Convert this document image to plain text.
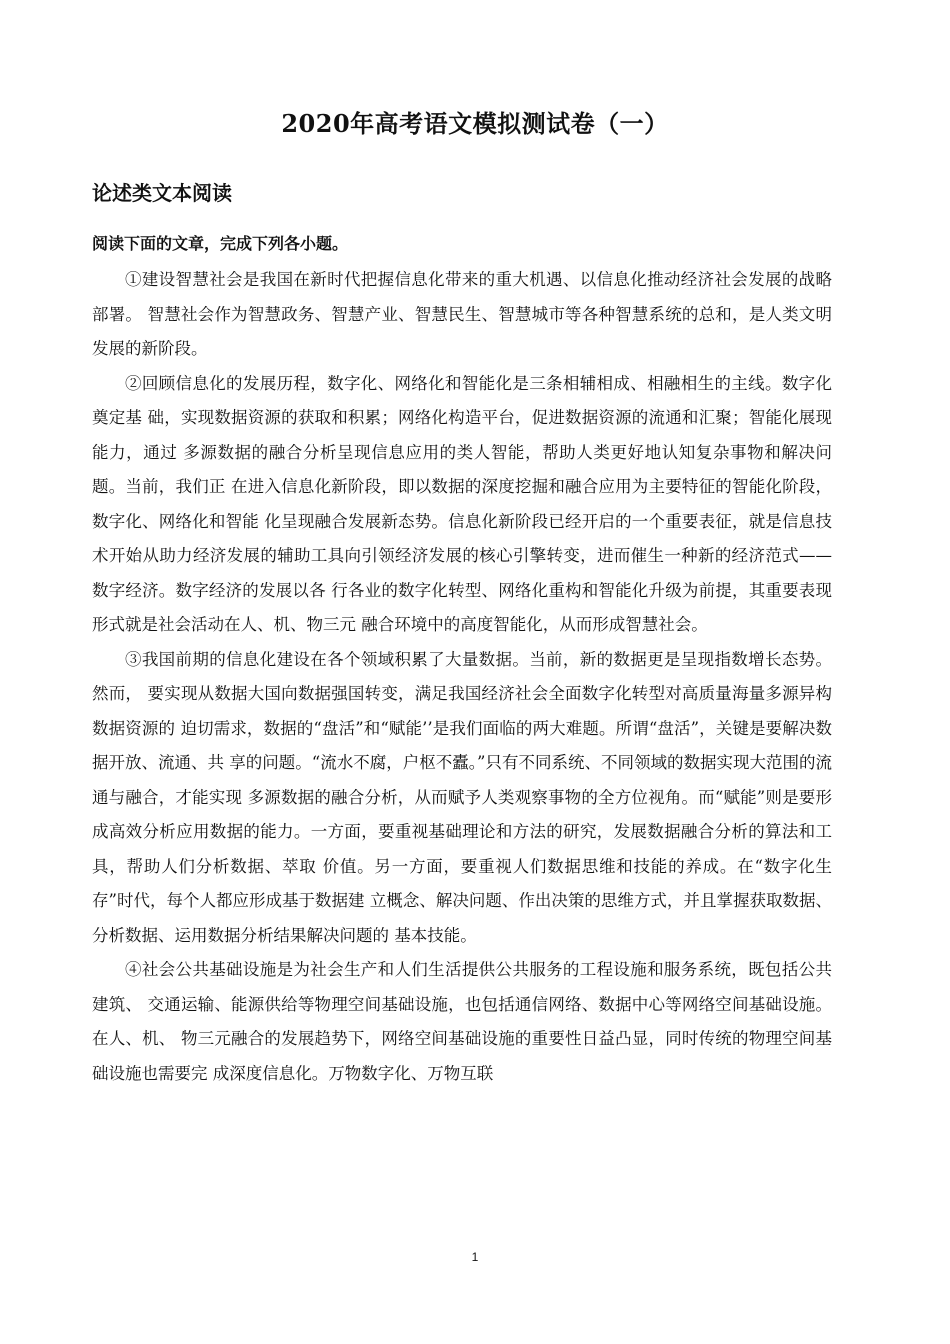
2020年高考语文模拟测试卷（一）
论述类文本阅读
阅读下面的文章，完成下列各小题。

①建设智慧社会是我国在新时代把握信息化带来的重大机遇、以信息化推动经济社会发展的战略部署。 智慧社会作为智慧政务、智慧产业、智慧民生、智慧城市等各种智慧系统的总和，是人类文明发展的新阶段。

②回顾信息化的发展历程，数字化、网络化和智能化是三条相辅相成、相融相生的主线。数字化奠定基 础，实现数据资源的获取和积累；网络化构造平台，促进数据资源的流通和汇聚；智能化展现能力，通过 多源数据的融合分析呈现信息应用的类人智能，帮助人类更好地认知复杂事物和解决问题。当前，我们正 在进入信息化新阶段，即以数据的深度挖掘和融合应用为主要特征的智能化阶段，数字化、网络化和智能 化呈现融合发展新态势。信息化新阶段已经开启的一个重要表征，就是信息技术开始从助力经济发展的辅助工具向引领经济发展的核心引擎转变，进而催生一种新的经济范式——数字经济。数字经济的发展以各 行各业的数字化转型、网络化重构和智能化升级为前提，其重要表现形式就是社会活动在人、机、物三元 融合环境中的高度智能化，从而形成智慧社会。

③我国前期的信息化建设在各个领域积累了大量数据。当前，新的数据更是呈现指数增长态势。然而， 要实现从数据大国向数据强国转变，满足我国经济社会全面数字化转型对高质量海量多源异构数据资源的 迫切需求，数据的“盘活”和“赋能’’是我们面临的两大难题。所谓“盘活”，关键是要解决数据开放、流通、共 享的问题。“流水不腐，户枢不蠹。”只有不同系统、不同领域的数据实现大范围的流通与融合，才能实现 多源数据的融合分析，从而赋予人类观察事物的全方位视角。而“赋能”则是要形成高效分析应用数据的能力。一方面，要重视基础理论和方法的研究，发展数据融合分析的算法和工具，帮助人们分析数据、萃取 价值。另一方面，要重视人们数据思维和技能的养成。在“数字化生存”时代，每个人都应形成基于数据建 立概念、解决问题、作出决策的思维方式，并且掌握获取数据、分析数据、运用数据分析结果解决问题的 基本技能。

④社会公共基础设施是为社会生产和人们生活提供公共服务的工程设施和服务系统，既包括公共建筑、 交通运输、能源供给等物理空间基础设施，也包括通信网络、数据中心等网络空间基础设施。在人、机、 物三元融合的发展趋势下，网络空间基础设施的重要性日益凸显，同时传统的物理空间基础设施也需要完 成深度信息化。万物数字化、万物互联

1
